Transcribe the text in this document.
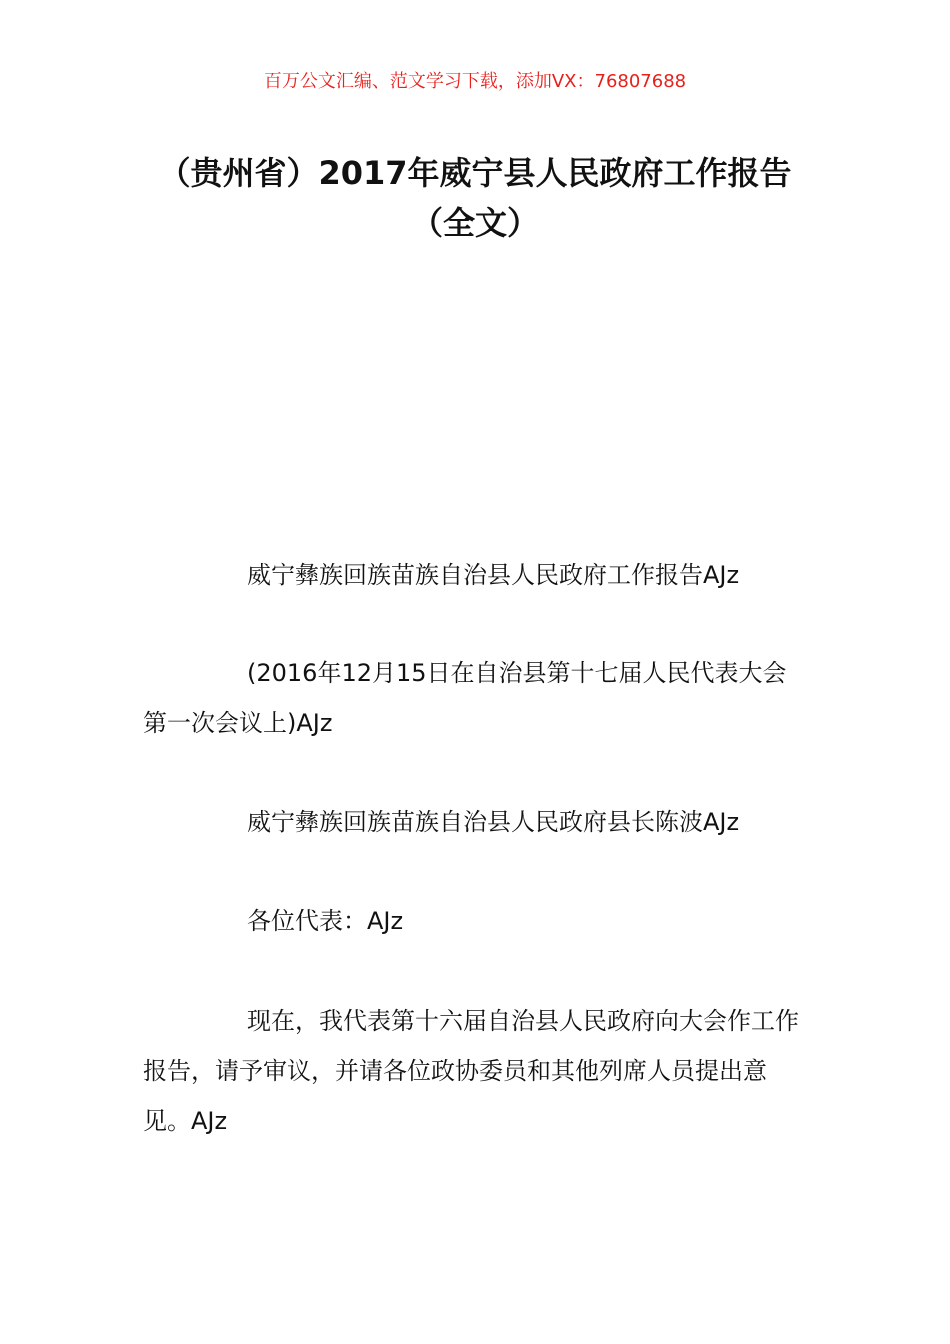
百万公文汇编、范文学习下载，添加VX：76807688
（贵州省）2017年威宁县人民政府工作报告（全文）

威宁彝族回族苗族自治县人民政府工作报告AJz

(2016年12月15日在自治县第十七届人民代表大会第一次会议上)AJz

威宁彝族回族苗族自治县人民政府县长陈波AJz

各位代表：AJz

现在，我代表第十六届自治县人民政府向大会作工作报告，请予审议，并请各位政协委员和其他列席人员提出意见。AJz
